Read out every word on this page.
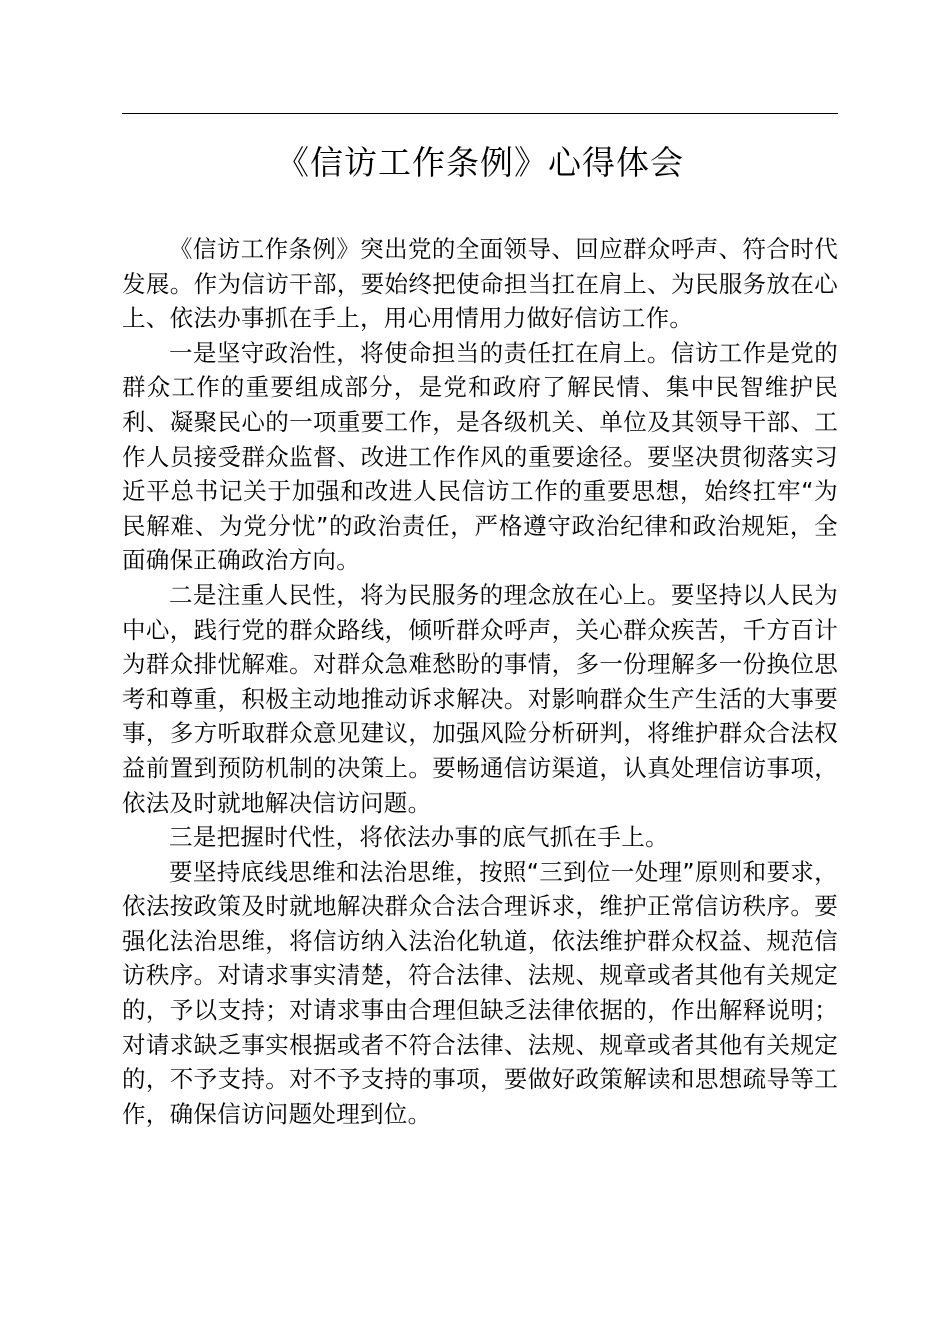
《信访工作条例》心得体会

《信访工作条例》突出党的全面领导、回应群众呼声、符合时代发展。作为信访干部，要始终把使命担当扛在肩上、为民服务放在心上、依法办事抓在手上，用心用情用力做好信访工作。

一是坚守政治性，将使命担当的责任扛在肩上。信访工作是党的群众工作的重要组成部分，是党和政府了解民情、集中民智维护民利、凝聚民心的一项重要工作，是各级机关、单位及其领导干部、工作人员接受群众监督、改进工作作风的重要途径。要坚决贯彻落实习近平总书记关于加强和改进人民信访工作的重要思想，始终扛牢“为民解难、为党分忧”的政治责任，严格遵守政治纪律和政治规矩，全面确保正确政治方向。

二是注重人民性，将为民服务的理念放在心上。要坚持以人民为中心，践行党的群众路线，倾听群众呼声，关心群众疾苦，千方百计为群众排忧解难。对群众急难愁盼的事情，多一份理解多一份换位思考和尊重，积极主动地推动诉求解决。对影响群众生产生活的大事要事，多方听取群众意见建议，加强风险分析研判，将维护群众合法权益前置到预防机制的决策上。要畅通信访渠道，认真处理信访事项，依法及时就地解决信访问题。

三是把握时代性，将依法办事的底气抓在手上。

要坚持底线思维和法治思维，按照“三到位一处理”原则和要求，依法按政策及时就地解决群众合法合理诉求，维护正常信访秩序。要强化法治思维，将信访纳入法治化轨道，依法维护群众权益、规范信访秩序。对请求事实清楚，符合法律、法规、规章或者其他有关规定的，予以支持；对请求事由合理但缺乏法律依据的，作出解释说明；对请求缺乏事实根据或者不符合法律、法规、规章或者其他有关规定的，不予支持。对不予支持的事项，要做好政策解读和思想疏导等工作，确保信访问题处理到位。
